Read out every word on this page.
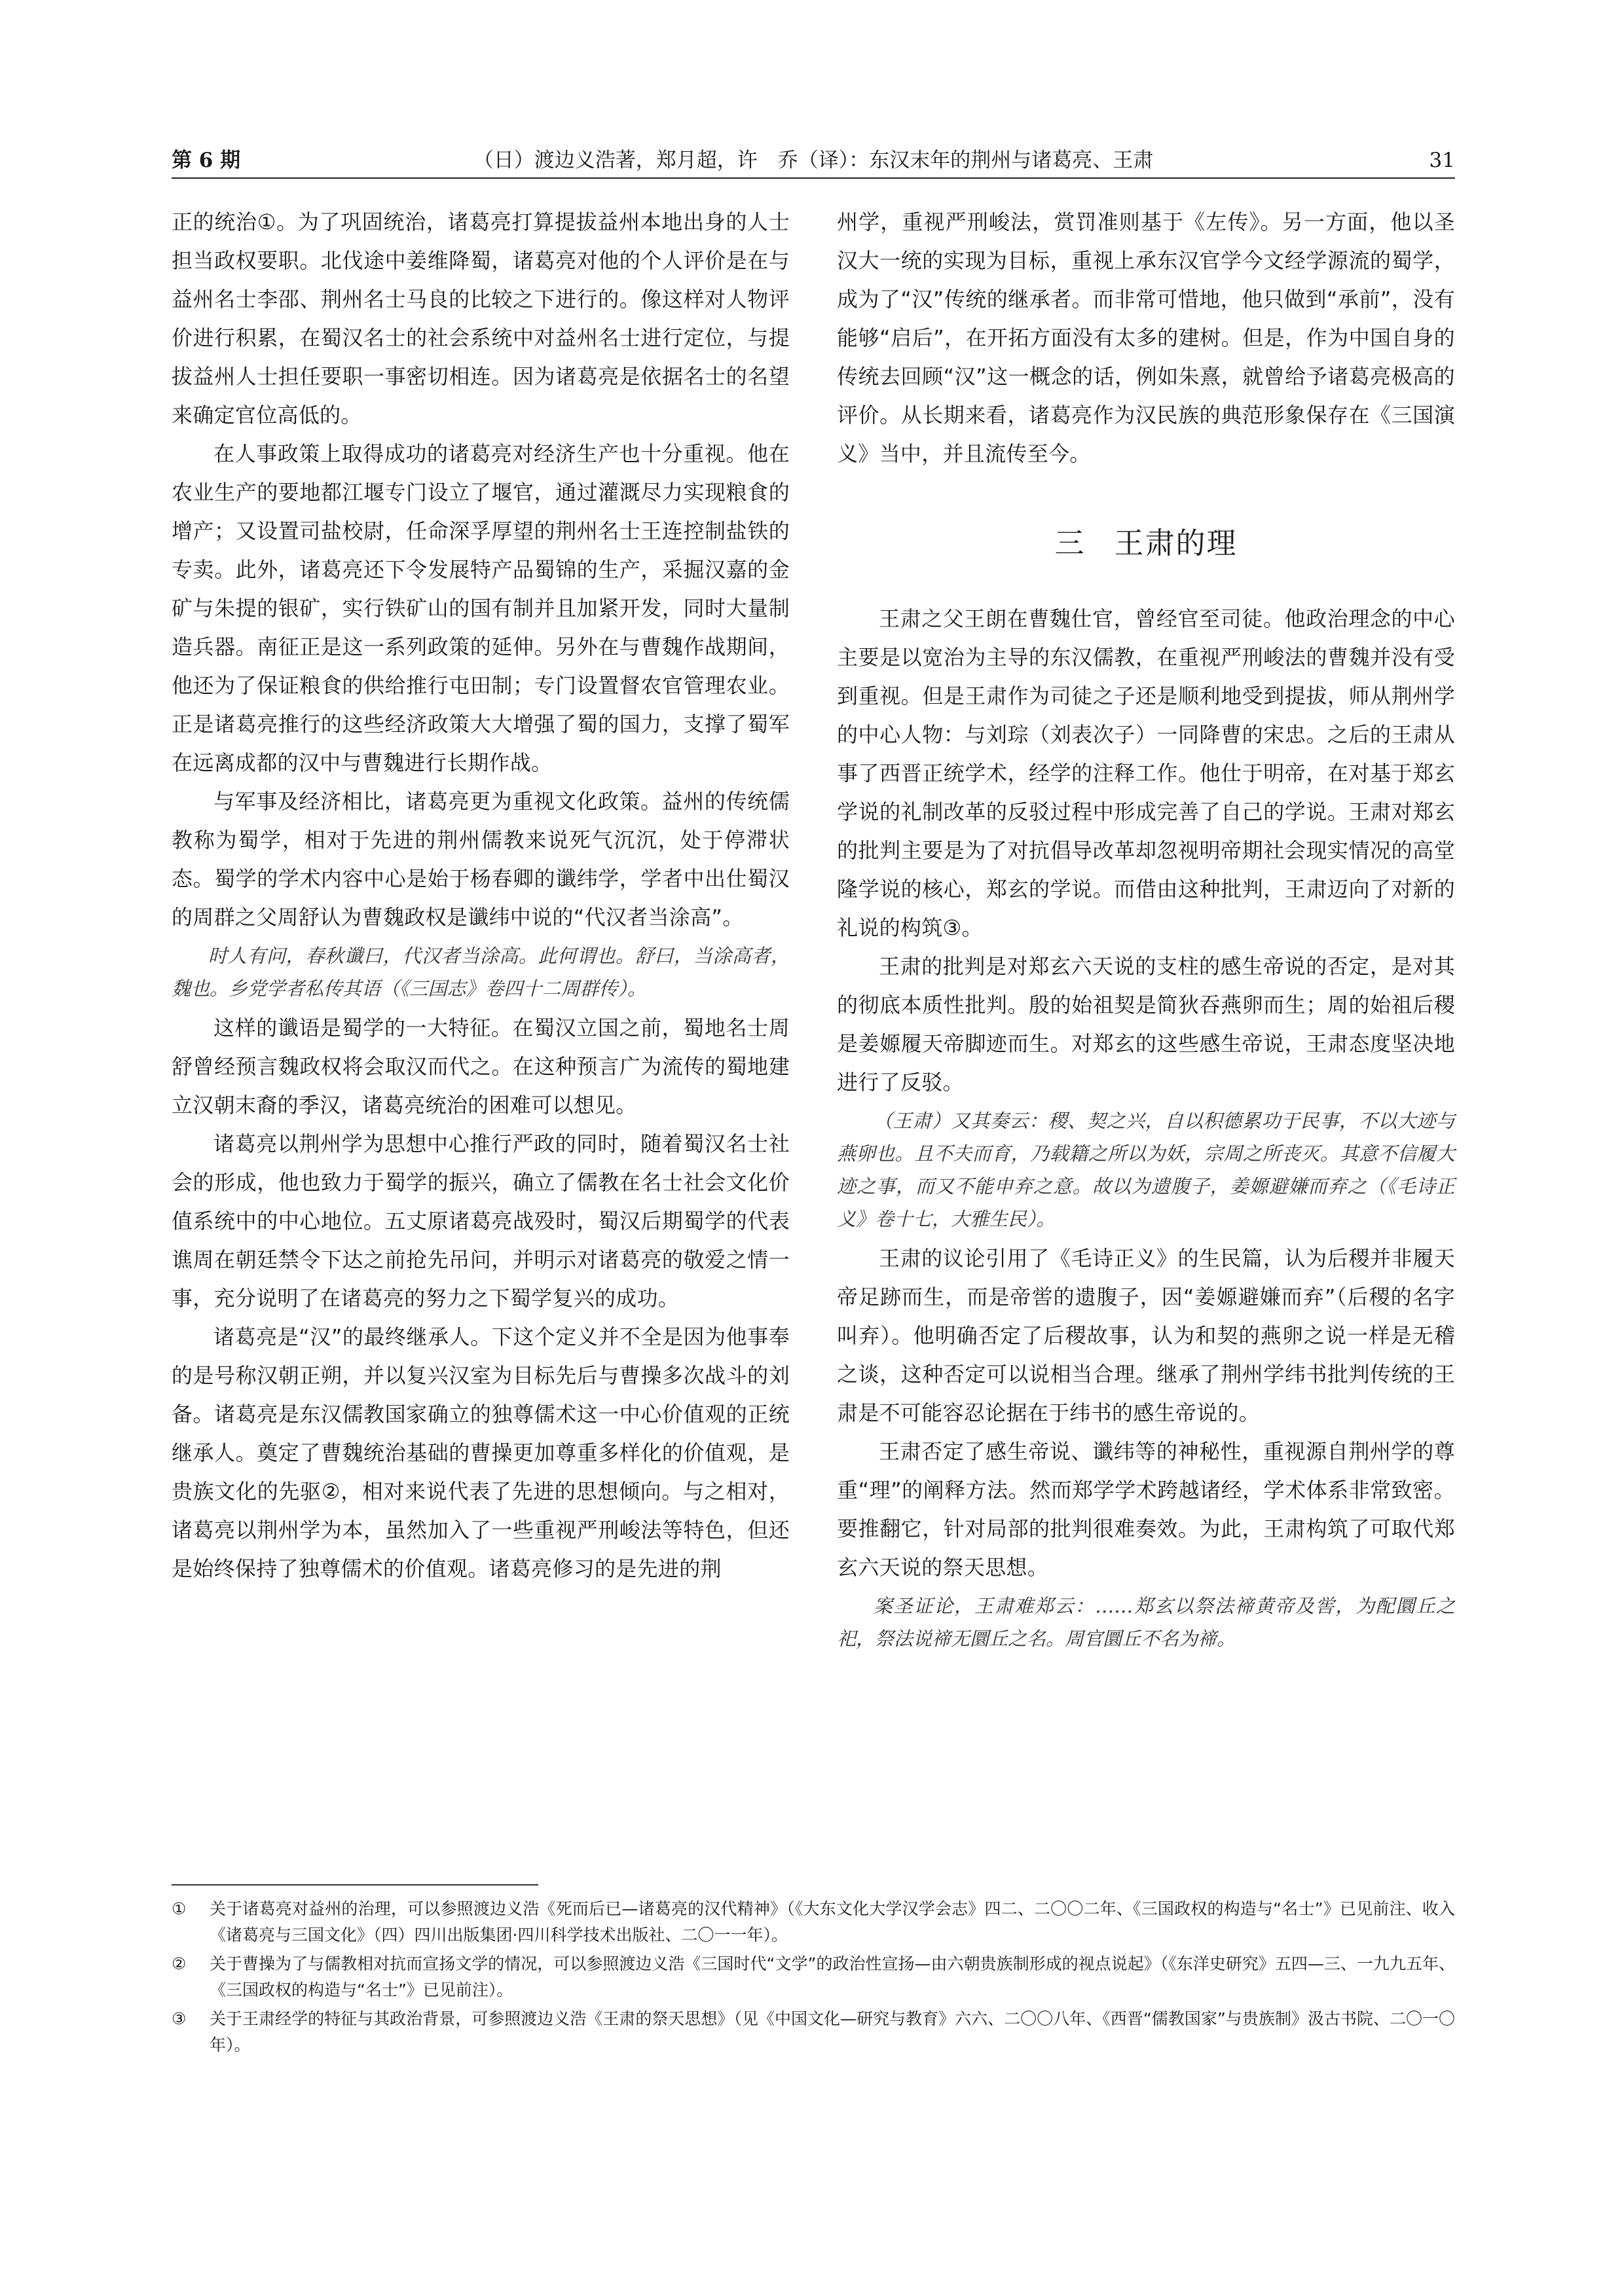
第 6 期	（日）渡边义浩著，郑月超，许　乔（译）：东汉末年的荆州与诸葛亮、王肃	31

正的统治①。为了巩固统治，诸葛亮打算提拔益州本地出身的人士担当政权要职。北伐途中姜维降蜀，诸葛亮对他的个人评价是在与益州名士李邵、荆州名士马良的比较之下进行的。像这样对人物评价进行积累，在蜀汉名士的社会系统中对益州名士进行定位，与提拔益州人士担任要职一事密切相连。因为诸葛亮是依据名士的名望来确定官位高低的。

在人事政策上取得成功的诸葛亮对经济生产也十分重视。他在农业生产的要地都江堰专门设立了堰官，通过灌溉尽力实现粮食的增产；又设置司盐校尉，任命深孚厚望的荆州名士王连控制盐铁的专卖。此外，诸葛亮还下令发展特产品蜀锦的生产，采掘汉嘉的金矿与朱提的银矿，实行铁矿山的国有制并且加紧开发，同时大量制造兵器。南征正是这一系列政策的延伸。另外在与曹魏作战期间，他还为了保证粮食的供给推行屯田制；专门设置督农官管理农业。正是诸葛亮推行的这些经济政策大大增强了蜀的国力，支撑了蜀军在远离成都的汉中与曹魏进行长期作战。

与军事及经济相比，诸葛亮更为重视文化政策。益州的传统儒教称为蜀学，相对于先进的荆州儒教来说死气沉沉，处于停滞状态。蜀学的学术内容中心是始于杨春卿的谶纬学，学者中出仕蜀汉的周群之父周舒认为曹魏政权是谶纬中说的“代汉者当涂高”。

时人有问，春秋谶曰，代汉者当涂高。此何谓也。舒曰，当涂高者，魏也。乡党学者私传其语（《三国志》卷四十二周群传）。

这样的谶语是蜀学的一大特征。在蜀汉立国之前，蜀地名士周舒曾经预言魏政权将会取汉而代之。在这种预言广为流传的蜀地建立汉朝末裔的季汉，诸葛亮统治的困难可以想见。

诸葛亮以荆州学为思想中心推行严政的同时，随着蜀汉名士社会的形成，他也致力于蜀学的振兴，确立了儒教在名士社会文化价值系统中的中心地位。五丈原诸葛亮战殁时，蜀汉后期蜀学的代表谯周在朝廷禁令下达之前抢先吊问，并明示对诸葛亮的敬爱之情一事，充分说明了在诸葛亮的努力之下蜀学复兴的成功。

诸葛亮是“汉”的最终继承人。下这个定义并不全是因为他事奉的是号称汉朝正朔，并以复兴汉室为目标先后与曹操多次战斗的刘备。诸葛亮是东汉儒教国家确立的独尊儒术这一中心价值观的正统继承人。奠定了曹魏统治基础的曹操更加尊重多样化的价值观，是贵族文化的先驱②，相对来说代表了先进的思想倾向。与之相对，诸葛亮以荆州学为本，虽然加入了一些重视严刑峻法等特色，但还是始终保持了独尊儒术的价值观。诸葛亮修习的是先进的荆

州学，重视严刑峻法，赏罚准则基于《左传》。另一方面，他以圣汉大一统的实现为目标，重视上承东汉官学今文经学源流的蜀学，成为了“汉”传统的继承者。而非常可惜地，他只做到“承前”，没有能够“启后”，在开拓方面没有太多的建树。但是，作为中国自身的传统去回顾“汉”这一概念的话，例如朱熹，就曾给予诸葛亮极高的评价。从长期来看，诸葛亮作为汉民族的典范形象保存在《三国演义》当中，并且流传至今。

三 王肃的理

王肃之父王朗在曹魏仕官，曾经官至司徒。他政治理念的中心主要是以宽治为主导的东汉儒教，在重视严刑峻法的曹魏并没有受到重视。但是王肃作为司徒之子还是顺利地受到提拔，师从荆州学的中心人物：与刘琮（刘表次子）一同降曹的宋忠。之后的王肃从事了西晋正统学术，经学的注释工作。他仕于明帝，在对基于郑玄学说的礼制改革的反驳过程中形成完善了自己的学说。王肃对郑玄的批判主要是为了对抗倡导改革却忽视明帝期社会现实情况的高堂隆学说的核心，郑玄的学说。而借由这种批判，王肃迈向了对新的礼说的构筑③。

王肃的批判是对郑玄六天说的支柱的感生帝说的否定，是对其的彻底本质性批判。殷的始祖契是简狄吞燕卵而生；周的始祖后稷是姜嫄履天帝脚迹而生。对郑玄的这些感生帝说，王肃态度坚决地进行了反驳。

（王肃）又其奏云：稷、契之兴，自以积德累功于民事，不以大迹与燕卵也。且不夫而育，乃载籍之所以为妖，宗周之所丧灭。其意不信履大迹之事，而又不能申弃之意。故以为遗腹子，姜嫄避嫌而弃之（《毛诗正义》卷十七，大雅生民）。

王肃的议论引用了《毛诗正义》的生民篇，认为后稷并非履天帝足跡而生，而是帝喾的遗腹子，因“姜嫄避嫌而弃”（后稷的名字叫弃）。他明确否定了后稷故事，认为和契的燕卵之说一样是无稽之谈，这种否定可以说相当合理。继承了荆州学纬书批判传统的王肃是不可能容忍论据在于纬书的感生帝说的。

王肃否定了感生帝说、谶纬等的神秘性，重视源自荆州学的尊重“理”的阐释方法。然而郑学学术跨越诸经，学术体系非常致密。要推翻它，针对局部的批判很难奏效。为此，王肃构筑了可取代郑玄六天说的祭天思想。

案圣证论，王肃难郑云：……郑玄以祭法禘黄帝及喾，为配圜丘之祀，祭法说禘无圜丘之名。周官圜丘不名为禘。

① 关于诸葛亮对益州的治理，可以参照渡边义浩《死而后已—诸葛亮的汉代精神》（《大东文化大学汉学会志》四二、二〇〇二年、《三国政权的构造与“名士”》已见前注、收入《诸葛亮与三国文化》（四）四川出版集团·四川科学技术出版社、二〇一一年）。

② 关于曹操为了与儒教相对抗而宣扬文学的情况，可以参照渡边义浩《三国时代“文学”的政治性宣扬—由六朝贵族制形成的视点说起》（《东洋史研究》五四—三、一九九五年、《三国政权的构造与“名士”》已见前注）。

③ 关于王肃经学的特征与其政治背景，可参照渡边义浩《王肃的祭天思想》（见《中国文化—研究与教育》六六、二〇〇八年、《西晋“儒教国家”与贵族制》汲古书院、二〇一〇年）。
